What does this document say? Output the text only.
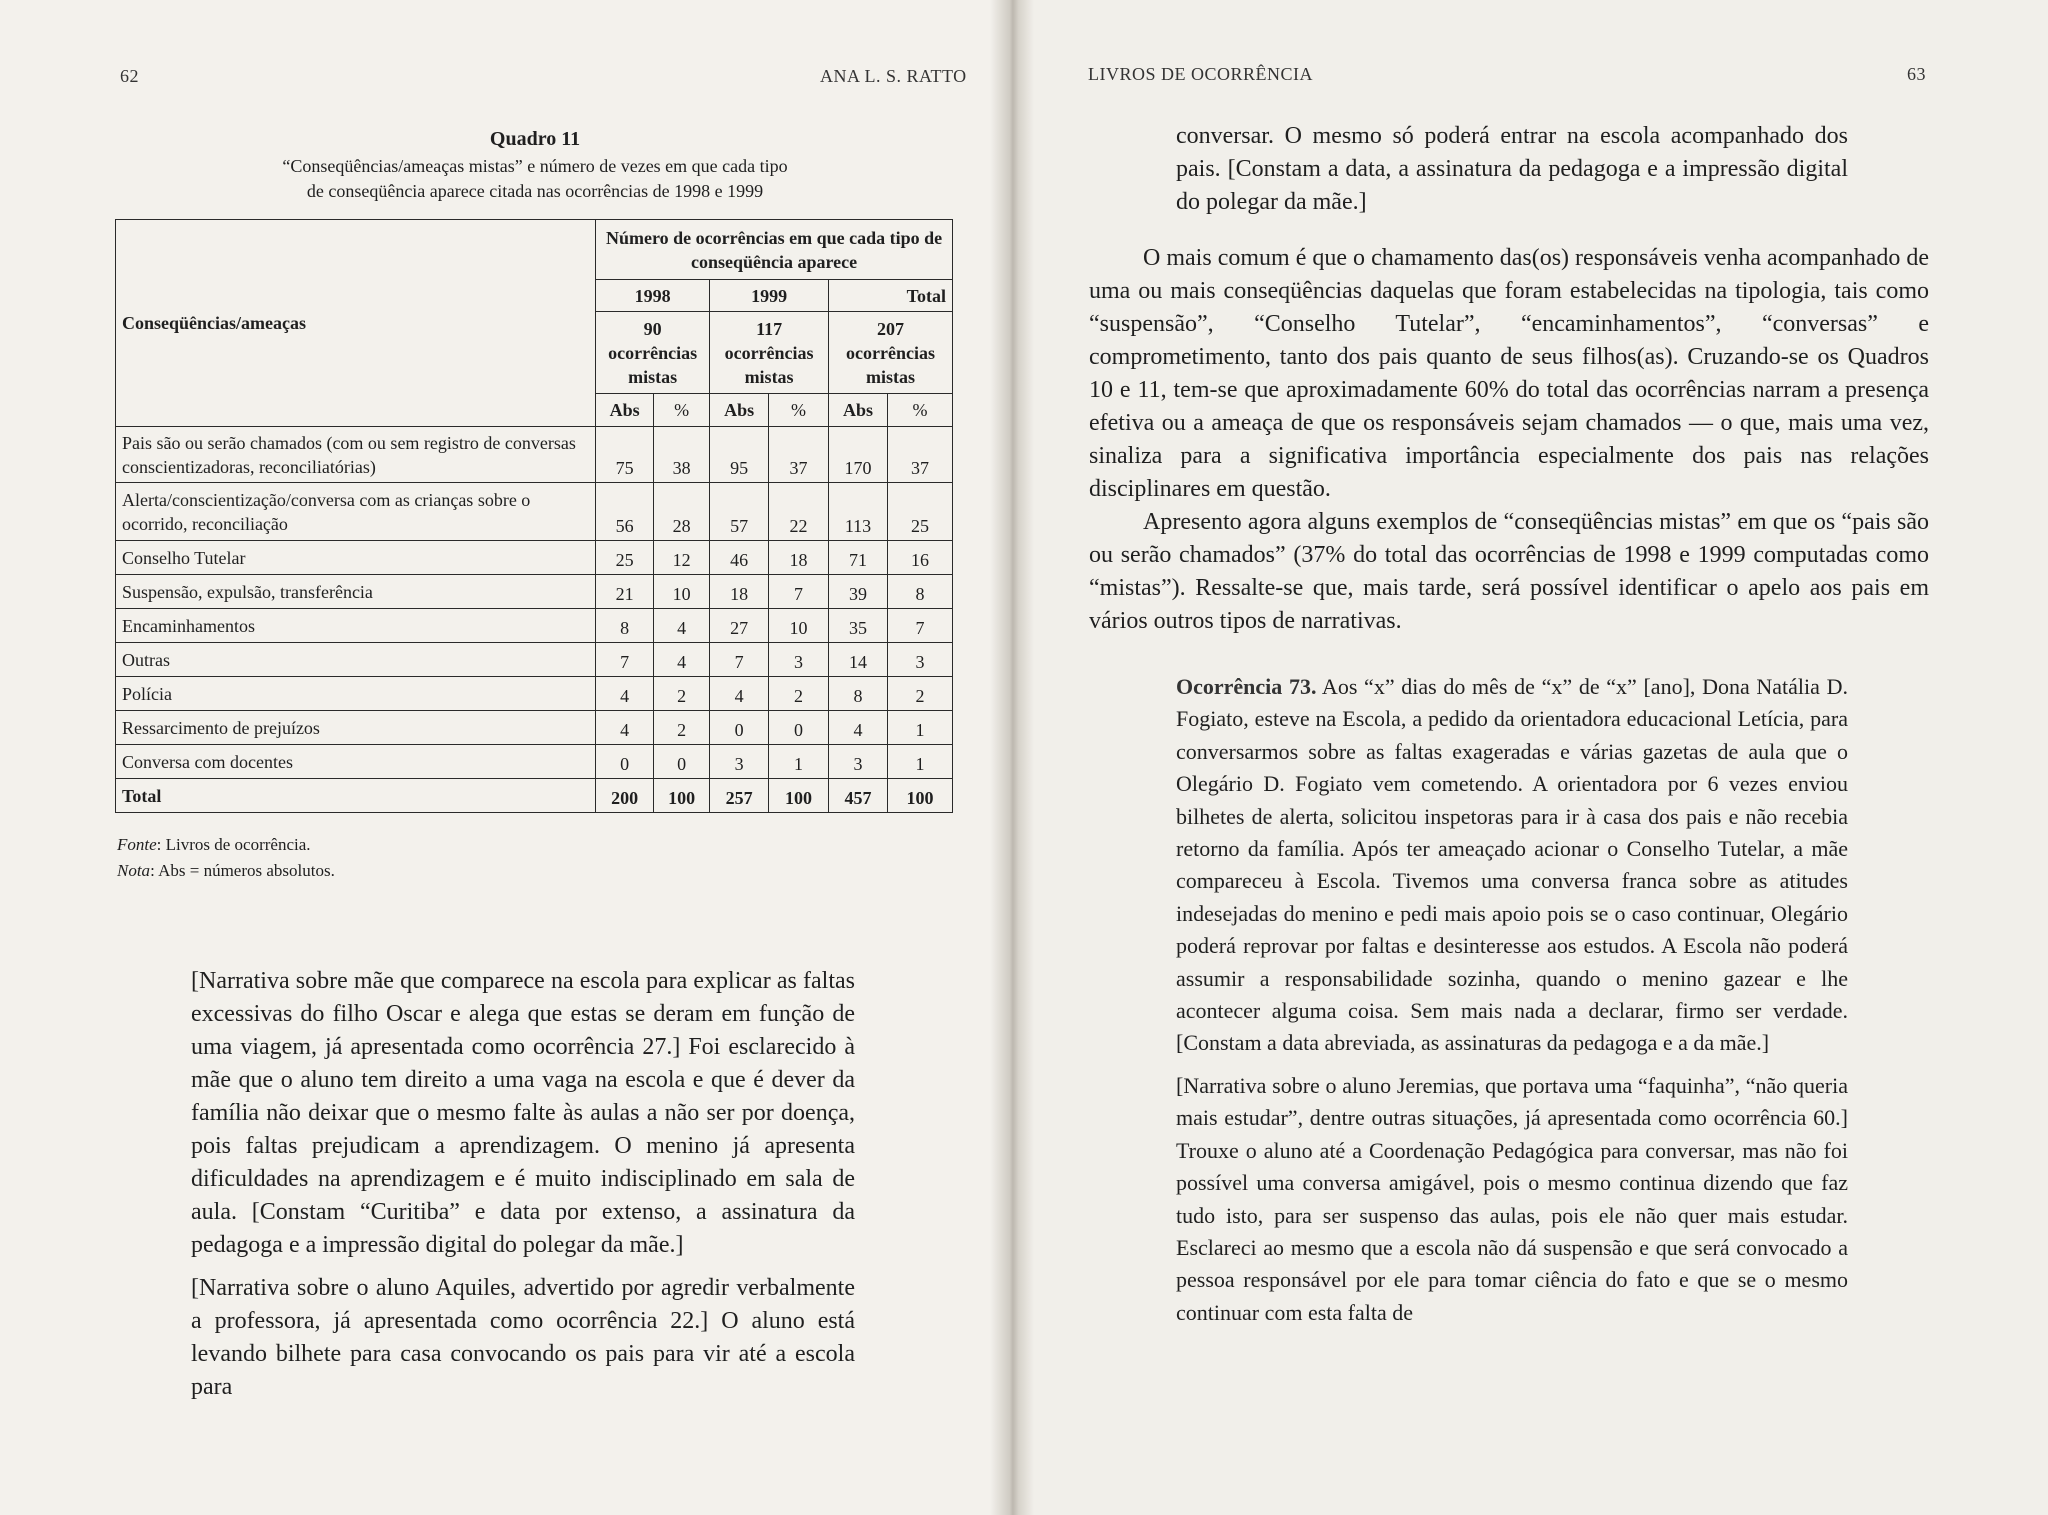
62	ANA L. S. RATTO
Quadro 11
“Conseqüências/ameaças mistas” e número de vezes em que cada tipo
de conseqüência aparece citada nas ocorrências de 1998 e 1999
Conseqüências/ameaças	Número de ocorrências em que cada tipo de conseqüência aparece					
	1998		1999		Total	
	90 ocorrências mistas		117 ocorrências mistas		207 ocorrências mistas	
	Abs	%	Abs	%	Abs	%
Pais são ou serão chamados (com ou sem registro de conversas conscientizadoras, reconciliatórias)	75	38	95	37	170	37
Alerta/conscientização/conversa com as crianças sobre o ocorrido, reconciliação	56	28	57	22	113	25
Conselho Tutelar	25	12	46	18	71	16
Suspensão, expulsão, transferência	21	10	18	7	39	8
Encaminhamentos	8	4	27	10	35	7
Outras	7	4	7	3	14	3
Polícia	4	2	4	2	8	2
Ressarcimento de prejuízos	4	2	0	0	4	1
Conversa com docentes	0	0	3	1	3	1
Total	200	100	257	100	457	100
Fonte: Livros de ocorrência.
Nota: Abs = números absolutos.

[Narrativa sobre mãe que comparece na escola para explicar as faltas excessivas do filho Oscar e alega que estas se deram em função de uma viagem, já apresentada como ocorrência 27.] Foi esclarecido à mãe que o aluno tem direito a uma vaga na escola e que é dever da família não deixar que o mesmo falte às aulas a não ser por doença, pois faltas prejudicam a aprendizagem. O menino já apresenta dificuldades na aprendizagem e é muito indisciplinado em sala de aula. [Constam “Curitiba” e data por extenso, a assinatura da pedagoga e a impressão digital do polegar da mãe.]

[Narrativa sobre o aluno Aquiles, advertido por agredir verbalmente a professora, já apresentada como ocorrência 22.] O aluno está levando bilhete para casa convocando os pais para vir até a escola para

LIVROS DE OCORRÊNCIA	63

conversar. O mesmo só poderá entrar na escola acompanhado dos pais. [Constam a data, a assinatura da pedagoga e a impressão digital do polegar da mãe.]

O mais comum é que o chamamento das(os) responsáveis venha acompanhado de uma ou mais conseqüências daquelas que foram estabelecidas na tipologia, tais como “suspensão”, “Conselho Tutelar”, “encaminhamentos”, “conversas” e comprometimento, tanto dos pais quanto de seus filhos(as). Cruzando-se os Quadros 10 e 11, tem-se que aproximadamente 60% do total das ocorrências narram a presença efetiva ou a ameaça de que os responsáveis sejam chamados — o que, mais uma vez, sinaliza para a significativa importância especialmente dos pais nas relações disciplinares em questão.

Apresento agora alguns exemplos de “conseqüências mistas” em que os “pais são ou serão chamados” (37% do total das ocorrências de 1998 e 1999 computadas como “mistas”). Ressalte-se que, mais tarde, será possível identificar o apelo aos pais em vários outros tipos de narrativas.

Ocorrência 73. Aos “x” dias do mês de “x” de “x” [ano], Dona Natália D. Fogiato, esteve na Escola, a pedido da orientadora educacional Letícia, para conversarmos sobre as faltas exageradas e várias gazetas de aula que o Olegário D. Fogiato vem cometendo. A orientadora por 6 vezes enviou bilhetes de alerta, solicitou inspetoras para ir à casa dos pais e não recebia retorno da família. Após ter ameaçado acionar o Conselho Tutelar, a mãe compareceu à Escola. Tivemos uma conversa franca sobre as atitudes indesejadas do menino e pedi mais apoio pois se o caso continuar, Olegário poderá reprovar por faltas e desinteresse aos estudos. A Escola não poderá assumir a responsabilidade sozinha, quando o menino gazear e lhe acontecer alguma coisa. Sem mais nada a declarar, firmo ser verdade. [Constam a data abreviada, as assinaturas da pedagoga e a da mãe.]

[Narrativa sobre o aluno Jeremias, que portava uma “faquinha”, “não queria mais estudar”, dentre outras situações, já apresentada como ocorrência 60.] Trouxe o aluno até a Coordenação Pedagógica para conversar, mas não foi possível uma conversa amigável, pois o mesmo continua dizendo que faz tudo isto, para ser suspenso das aulas, pois ele não quer mais estudar. Esclareci ao mesmo que a escola não dá suspensão e que será convocado a pessoa responsável por ele para tomar ciência do fato e que se o mesmo continuar com esta falta de
